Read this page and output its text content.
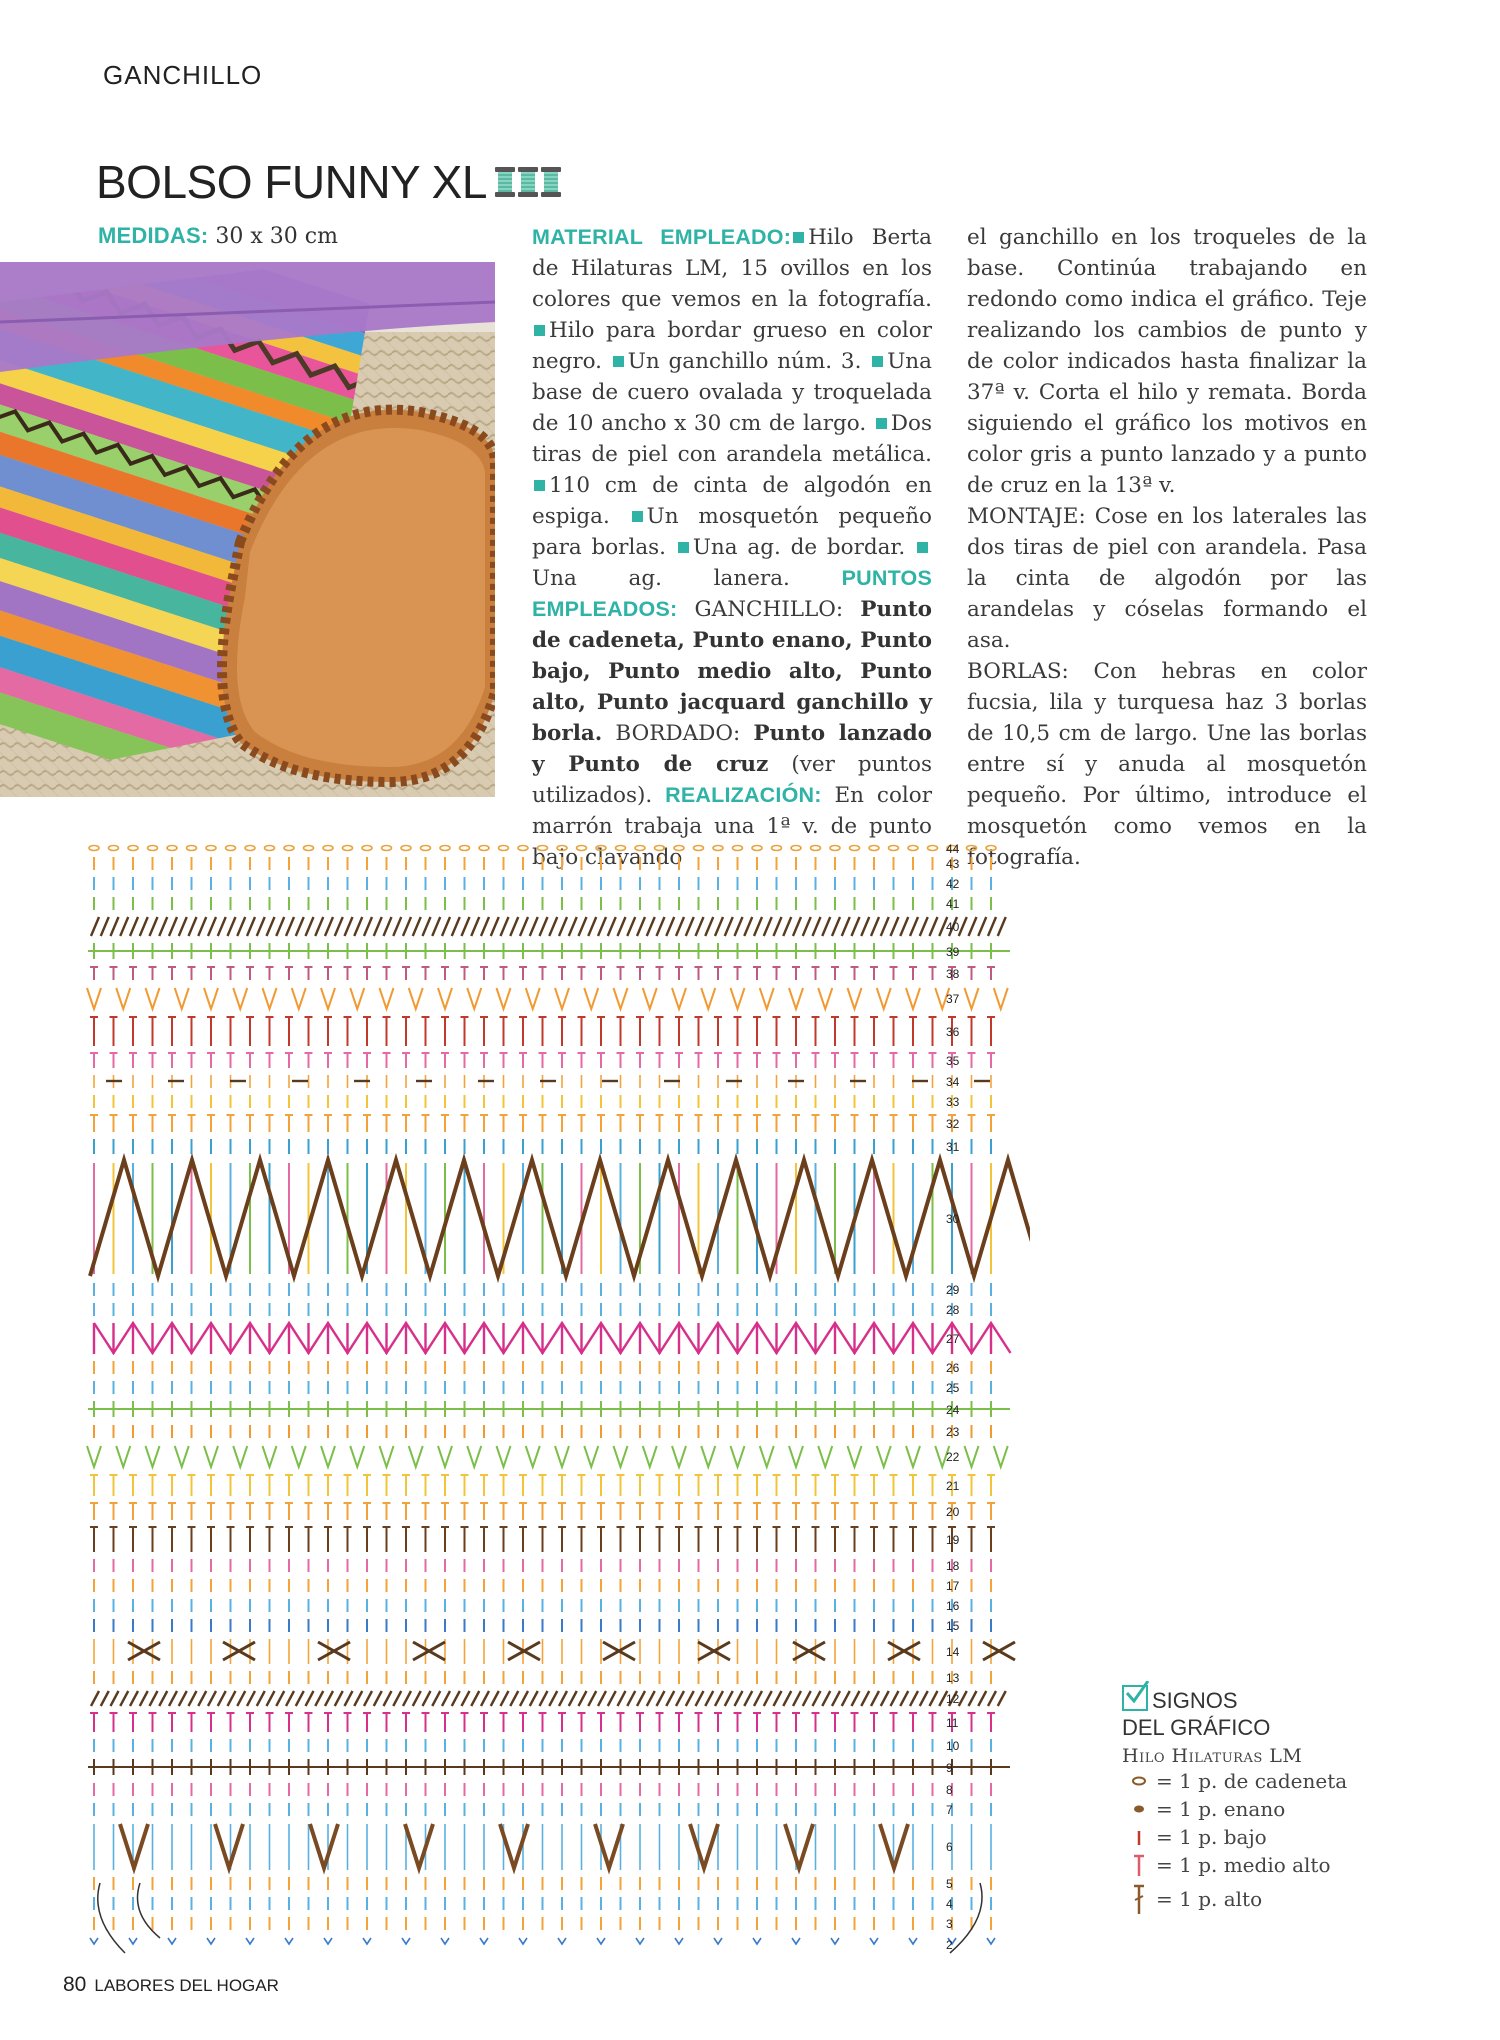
GANCHILLO
BOLSO FUNNY XL
MEDIDAS: 30 x 30 cm	MATERIAL EMPLEADO: Hilo Berta de Hilaturas LM, 15 ovillos en los colores que vemos en la fotografía. Hilo para bordar grueso en color negro. Un ganchillo núm. 3. Una base de cuero ovalada y troquelada de 10 ancho x 30 cm de largo. Dos tiras de piel con arandela metálica. 110 cm de cinta de algodón en espiga. Un mosquetón pequeño para borlas. Una ag. de bordar. Una ag. lanera. PUNTOS EMPLEADOS: GANCHILLO: Punto de cadeneta, Punto enano, Punto bajo, Punto medio alto, Punto alto, Punto jacquard ganchillo y borla. BORDADO: Punto lanzado y Punto de cruz (ver puntos utilizados). REALIZACIÓN: En color marrón trabaja una 1ª v. de punto bajo clavando

el ganchillo en los troqueles de la base. Continúa trabajando en redondo como indica el gráfico. Teje realizando los cambios de punto y de color indicados hasta finalizar la 37ª v. Corta el hilo y remata. Borda siguiendo el gráfico los motivos en color gris a punto lanzado y a punto de cruz en la 13ª v.

MONTAJE: Cose en los laterales las dos tiras de piel con arandela. Pasa la cinta de algodón por las arandelas y cóselas formando el asa.

BORLAS: Con hebras en color fucsia, lila y turquesa haz 3 borlas de 10,5 cm de largo. Une las borlas entre sí y anuda al mosquetón pequeño. Por último, introduce el mosquetón como vemos en la fotografía.

44
43
42
41
40
39
38
37
36
35
34
33
32
31
30
29
28
27
26
25
24
23
22
21
20
19
18
17
16
15
14
13
12
11
10
9
8
7
6
5
4
3
2
SIGNOS
DEL GRÁFICO
Hilo Hilaturas LM
= 1 p. de cadeneta
= 1 p. enano
= 1 p. bajo
= 1 p. medio alto
= 1 p. alto
80 LABORES DEL HOGAR
